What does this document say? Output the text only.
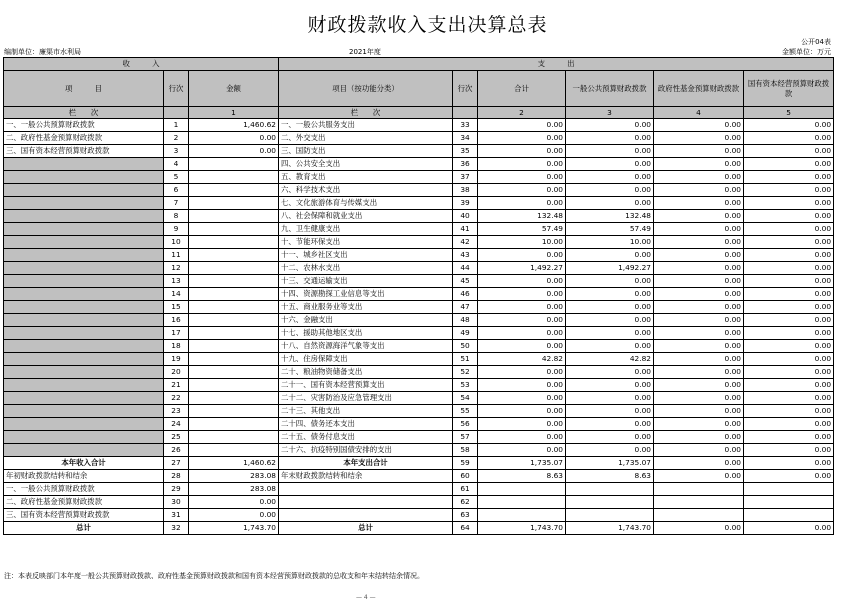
财政拨款收入支出决算总表
公开04表
编制单位：廉渠市水利局	2021年度	金额单位：万元
收　　　入			支　　　出					
项　　　目	行次	金额	项目（按功能分类）	行次	合计	一般公共预算财政拨款	政府性基金预算财政拨款	国有资本经营预算财政拨款
栏　　次		1	栏　　次		2	3	4	5
一、一般公共预算财政拨款	1	1,460.62	一、一般公共服务支出	33	0.00	0.00	0.00	0.00
二、政府性基金预算财政拨款	2	0.00	二、外交支出	34	0.00	0.00	0.00	0.00
三、国有资本经营预算财政拨款	3	0.00	三、国防支出	35	0.00	0.00	0.00	0.00
	4		四、公共安全支出	36	0.00	0.00	0.00	0.00
	5		五、教育支出	37	0.00	0.00	0.00	0.00
	6		六、科学技术支出	38	0.00	0.00	0.00	0.00
	7		七、文化旅游体育与传媒支出	39	0.00	0.00	0.00	0.00
	8		八、社会保障和就业支出	40	132.48	132.48	0.00	0.00
	9		九、卫生健康支出	41	57.49	57.49	0.00	0.00
	10		十、节能环保支出	42	10.00	10.00	0.00	0.00
	11		十一、城乡社区支出	43	0.00	0.00	0.00	0.00
	12		十二、农林水支出	44	1,492.27	1,492.27	0.00	0.00
	13		十三、交通运输支出	45	0.00	0.00	0.00	0.00
	14		十四、资源勘探工业信息等支出	46	0.00	0.00	0.00	0.00
	15		十五、商业服务业等支出	47	0.00	0.00	0.00	0.00
	16		十六、金融支出	48	0.00	0.00	0.00	0.00
	17		十七、援助其他地区支出	49	0.00	0.00	0.00	0.00
	18		十八、自然资源海洋气象等支出	50	0.00	0.00	0.00	0.00
	19		十九、住房保障支出	51	42.82	42.82	0.00	0.00
	20		二十、粮油物资储备支出	52	0.00	0.00	0.00	0.00
	21		二十一、国有资本经营预算支出	53	0.00	0.00	0.00	0.00
	22		二十二、灾害防治及应急管理支出	54	0.00	0.00	0.00	0.00
	23		二十三、其他支出	55	0.00	0.00	0.00	0.00
	24		二十四、债务还本支出	56	0.00	0.00	0.00	0.00
	25		二十五、债务付息支出	57	0.00	0.00	0.00	0.00
	26		二十六、抗疫特别国债安排的支出	58	0.00	0.00	0.00	0.00
本年收入合计	27	1,460.62	本年支出合计	59	1,735.07	1,735.07	0.00	0.00
年初财政拨款结转和结余	28	283.08	年末财政拨款结转和结余	60	8.63	8.63	0.00	0.00
一、一般公共预算财政拨款	29	283.08		61				
二、政府性基金预算财政拨款	30	0.00		62				
三、国有资本经营预算财政拨款	31	0.00		63				
总计	32	1,743.70	总计	64	1,743.70	1,743.70	0.00	0.00
注：本表反映部门本年度一般公共预算财政拨款、政府性基金预算财政拨款和国有资本经营预算财政拨款的总收支和年末结转结余情况。
— 4 —
